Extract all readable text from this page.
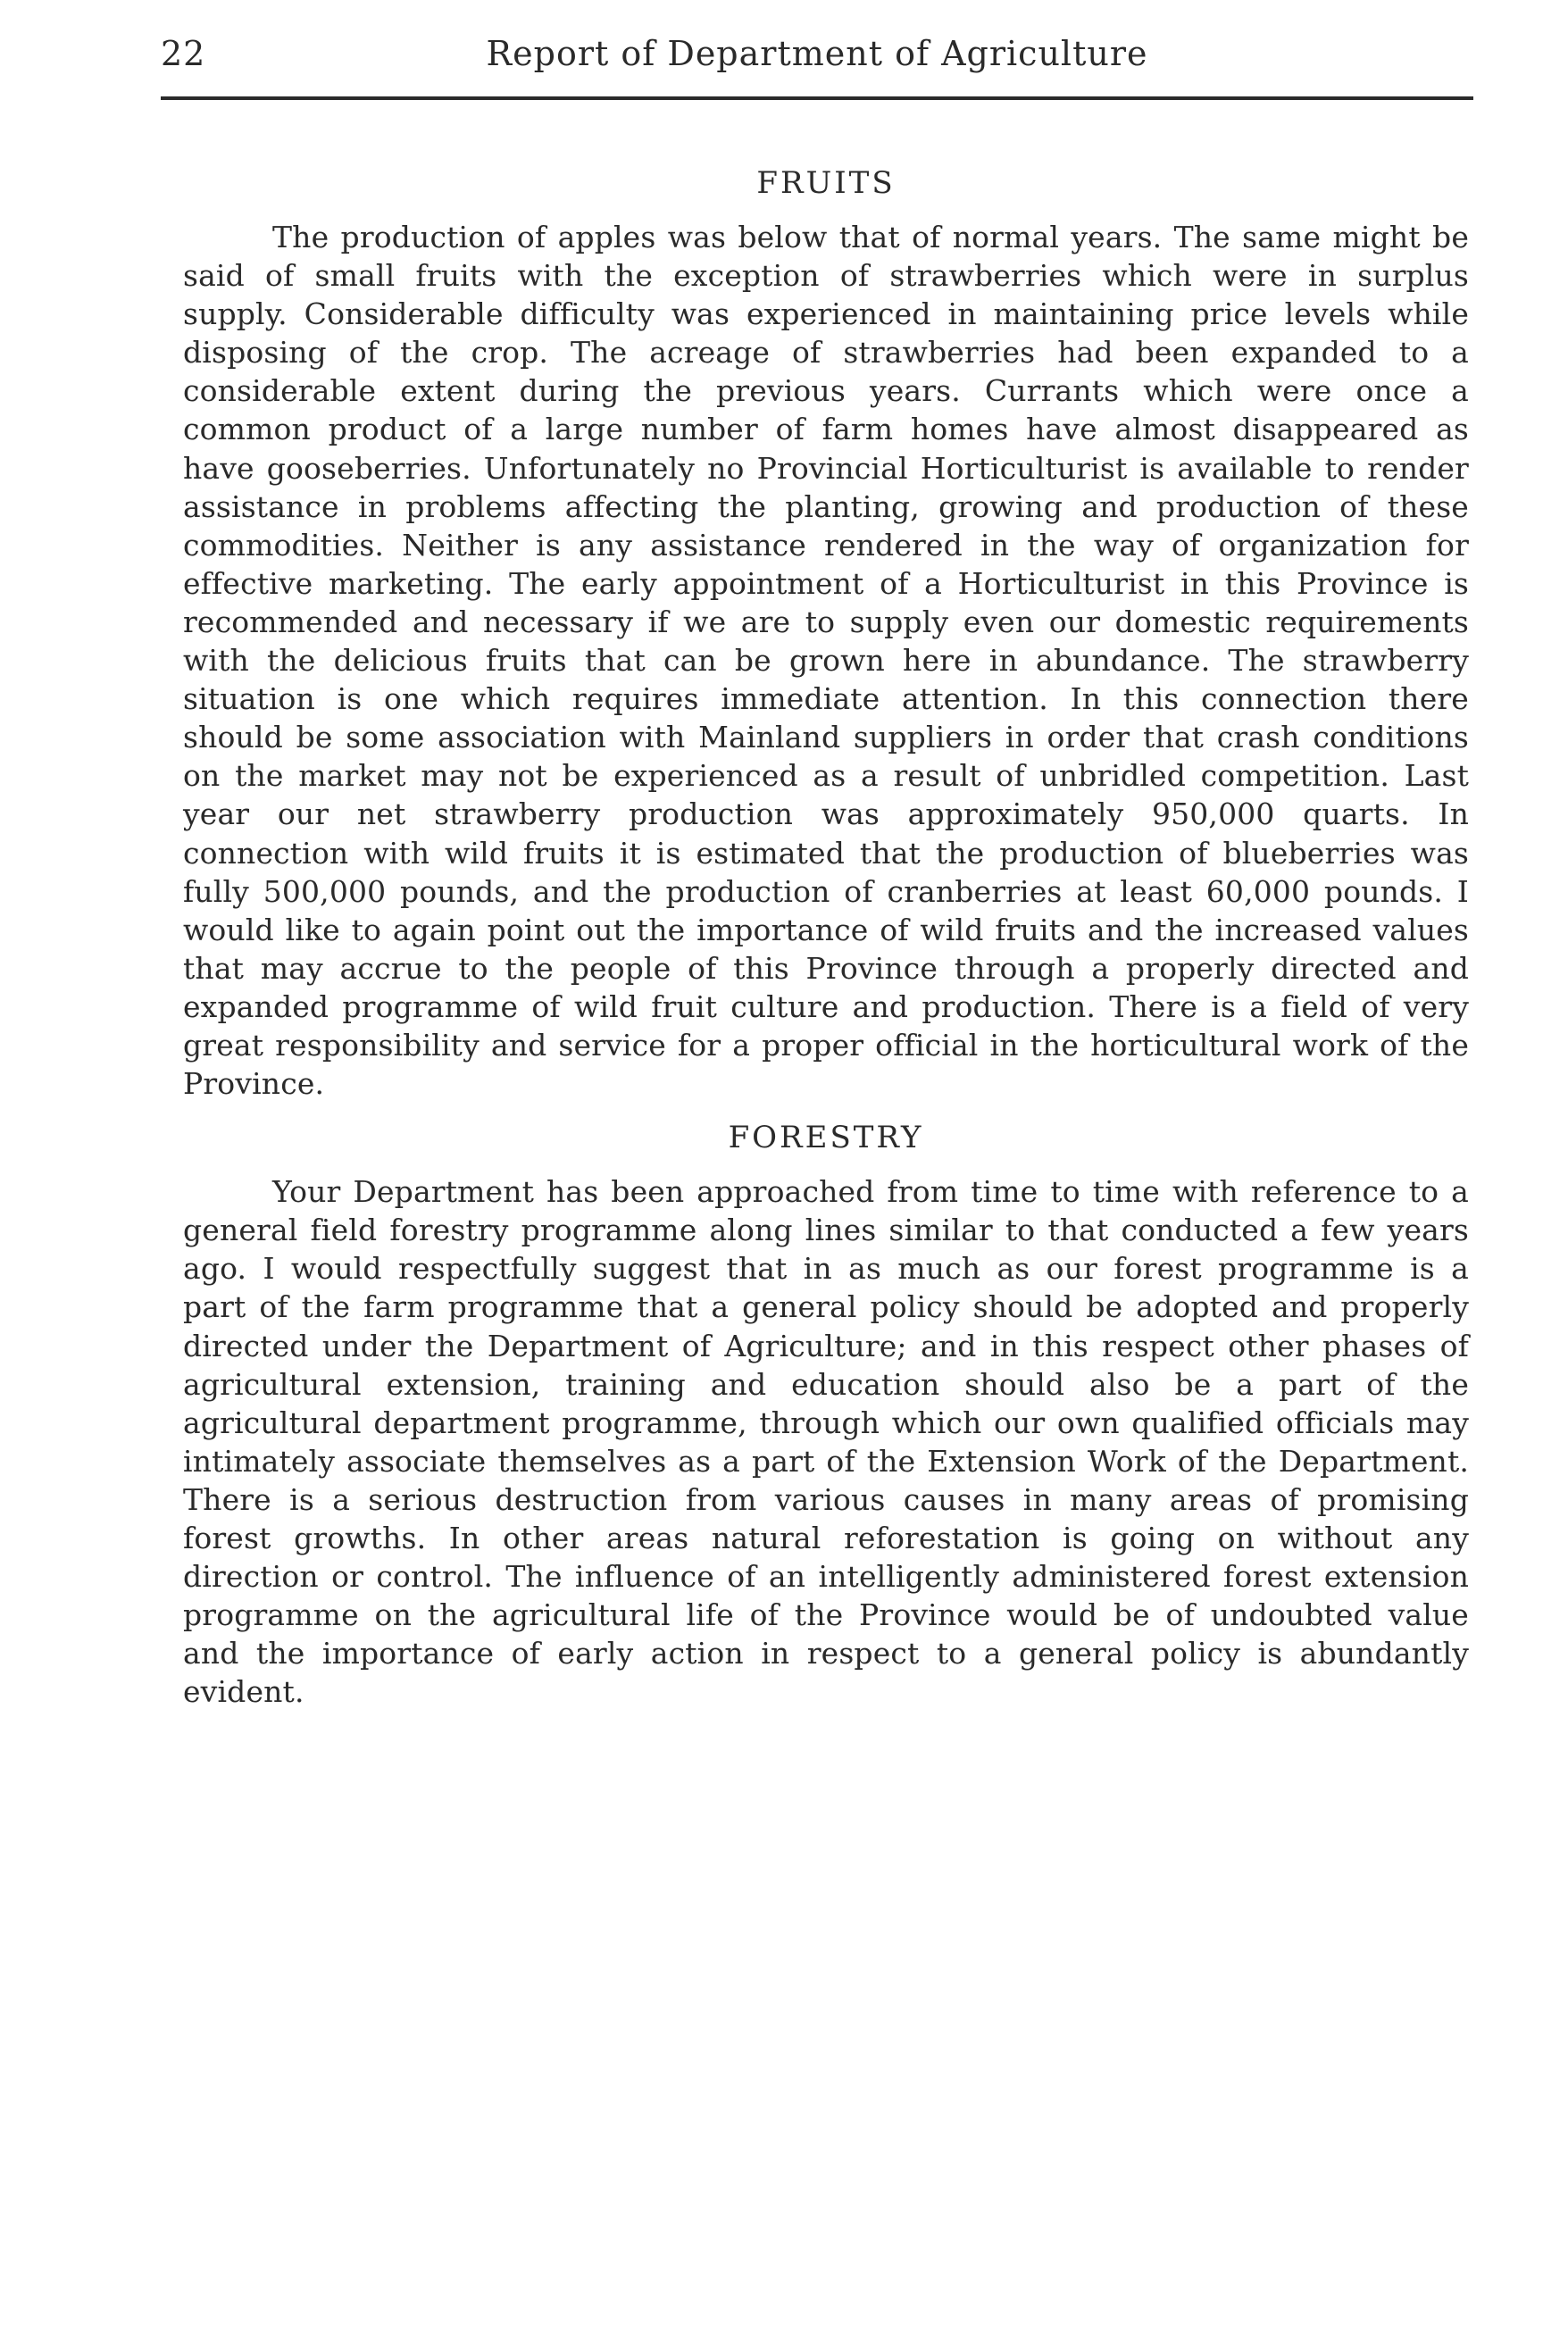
22	Report of Department of Agriculture
FRUITS

The production of apples was below that of normal years. The same might be said of small fruits with the exception of strawberries which were in surplus supply. Considerable difficulty was experienced in maintaining price levels while disposing of the crop. The acreage of strawberries had been expanded to a considerable extent during the previous years. Currants which were once a common product of a large number of farm homes have almost disappeared as have gooseberries. Unfortunately no Provincial Horticulturist is available to render assistance in problems affecting the planting, growing and production of these commodities. Neither is any assistance rendered in the way of organization for effective marketing. The early appointment of a Horticulturist in this Province is recommended and necessary if we are to supply even our domestic requirements with the delicious fruits that can be grown here in abundance. The strawberry situation is one which requires immediate attention. In this connection there should be some association with Mainland suppliers in order that crash conditions on the market may not be experienced as a result of unbridled competition. Last year our net strawberry production was approximately 950,000 quarts. In connection with wild fruits it is estimated that the production of blueberries was fully 500,000 pounds, and the production of cranberries at least 60,000 pounds. I would like to again point out the importance of wild fruits and the increased values that may accrue to the people of this Province through a properly directed and expanded programme of wild fruit culture and production. There is a field of very great responsibility and service for a proper official in the horticultural work of the Province.

FORESTRY

Your Department has been approached from time to time with reference to a general field forestry programme along lines similar to that conducted a few years ago. I would respectfully suggest that in as much as our forest programme is a part of the farm programme that a general policy should be adopted and properly directed under the Department of Agriculture; and in this respect other phases of agricultural extension, training and education should also be a part of the agricultural department programme, through which our own qualified officials may intimately associate themselves as a part of the Extension Work of the Department. There is a serious destruction from various causes in many areas of promising forest growths. In other areas natural reforestation is going on without any direction or control. The influence of an intelligently administered forest extension programme on the agricultural life of the Province would be of undoubted value and the importance of early action in respect to a general policy is abundantly evident.
